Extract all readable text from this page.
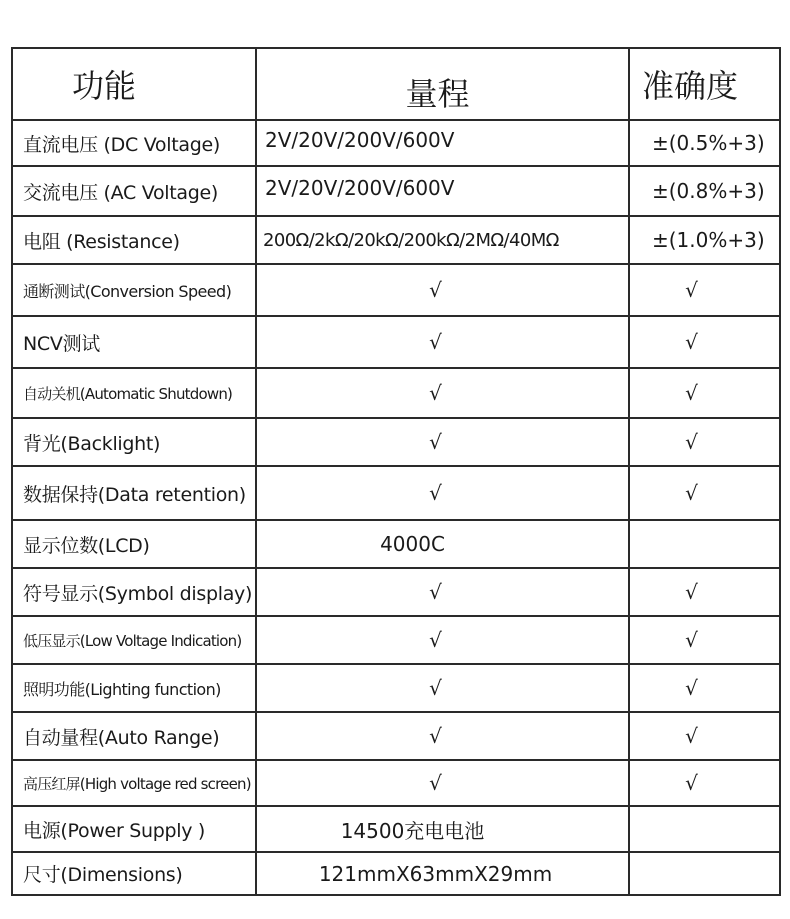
功能	量程	准确度
直流电压 (DC Voltage)	2V/20V/200V/600V	±(0.5%+3)
交流电压 (AC Voltage)	2V/20V/200V/600V	±(0.8%+3)
电阻 (Resistance)	200Ω/2kΩ/20kΩ/200kΩ/2MΩ/40MΩ	±(1.0%+3)
通断测试(Conversion Speed)	√	√
NCV测试	√	√
自动关机(Automatic Shutdown)	√	√
背光(Backlight)	√	√
数据保持(Data retention)	√	√
显示位数(LCD)	4000C	
符号显示(Symbol display)	√	√
低压显示(Low Voltage Indication)	√	√
照明功能(Lighting function)	√	√
自动量程(Auto Range)	√	√
高压红屏(High voltage red screen)	√	√
电源(Power Supply )	14500充电电池	
尺寸(Dimensions)	121mmX63mmX29mm	
